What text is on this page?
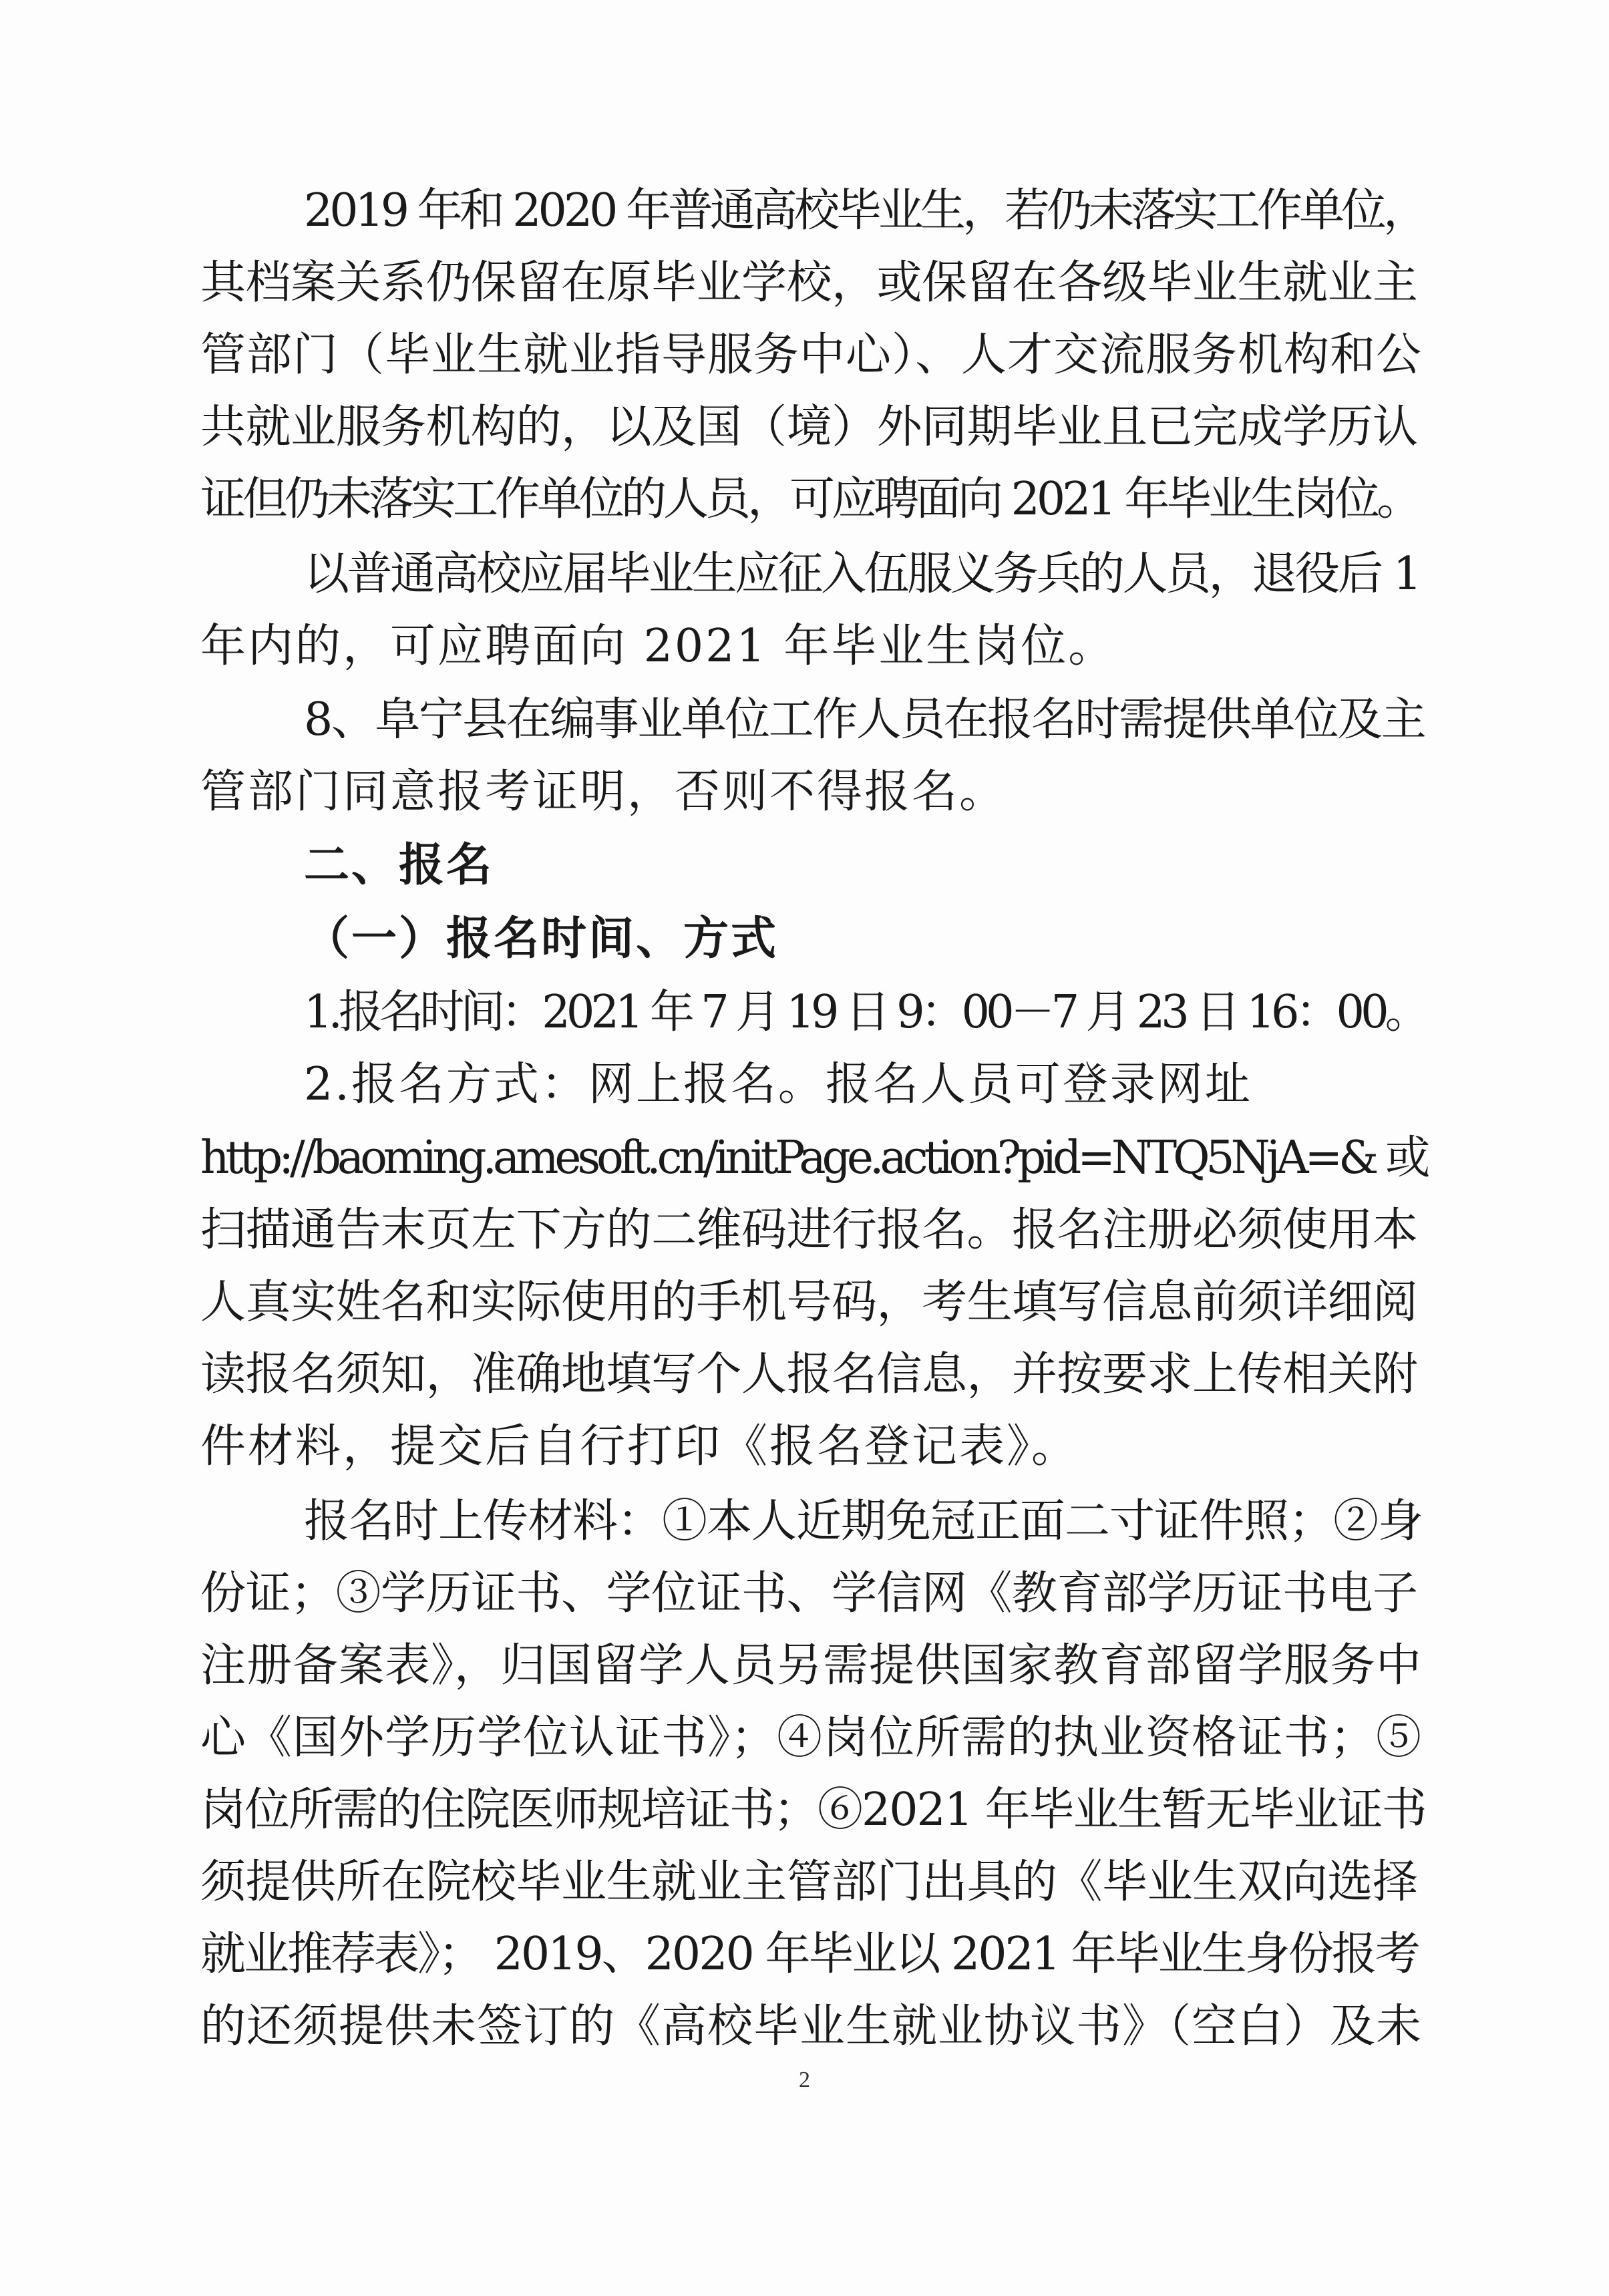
2019 年和 2020 年普通高校毕业生，若仍未落实工作单位，
其档案关系仍保留在原毕业学校，或保留在各级毕业生就业主
管部门（毕业生就业指导服务中心）、人才交流服务机构和公
共就业服务机构的，以及国（境）外同期毕业且已完成学历认
证但仍未落实工作单位的人员，可应聘面向 2021 年毕业生岗位。
以普通高校应届毕业生应征入伍服义务兵的人员，退役后 1
年内的，可应聘面向 2021 年毕业生岗位。
8、阜宁县在编事业单位工作人员在报名时需提供单位及主
管部门同意报考证明，否则不得报名。
二、报名
（一）报名时间、方式
1.报名时间：2021 年 7 月 19 日 9：00－7 月 23 日 16：00。
2.报名方式：网上报名。报名人员可登录网址
http://baoming.amesoft.cn/initPage.action?pid=NTQ5NjA=& 或
扫描通告末页左下方的二维码进行报名。报名注册必须使用本
人真实姓名和实际使用的手机号码，考生填写信息前须详细阅
读报名须知，准确地填写个人报名信息，并按要求上传相关附
件材料，提交后自行打印《报名登记表》。
报名时上传材料：①本人近期免冠正面二寸证件照；②身
份证；③学历证书、学位证书、学信网《教育部学历证书电子
注册备案表》，归国留学人员另需提供国家教育部留学服务中
心《国外学历学位认证书》；④岗位所需的执业资格证书；⑤
岗位所需的住院医师规培证书；⑥2021 年毕业生暂无毕业证书
须提供所在院校毕业生就业主管部门出具的《毕业生双向选择
就业推荐表》； 2019、2020 年毕业以 2021 年毕业生身份报考
的还须提供未签订的《高校毕业生就业协议书》（空白）及未
2
